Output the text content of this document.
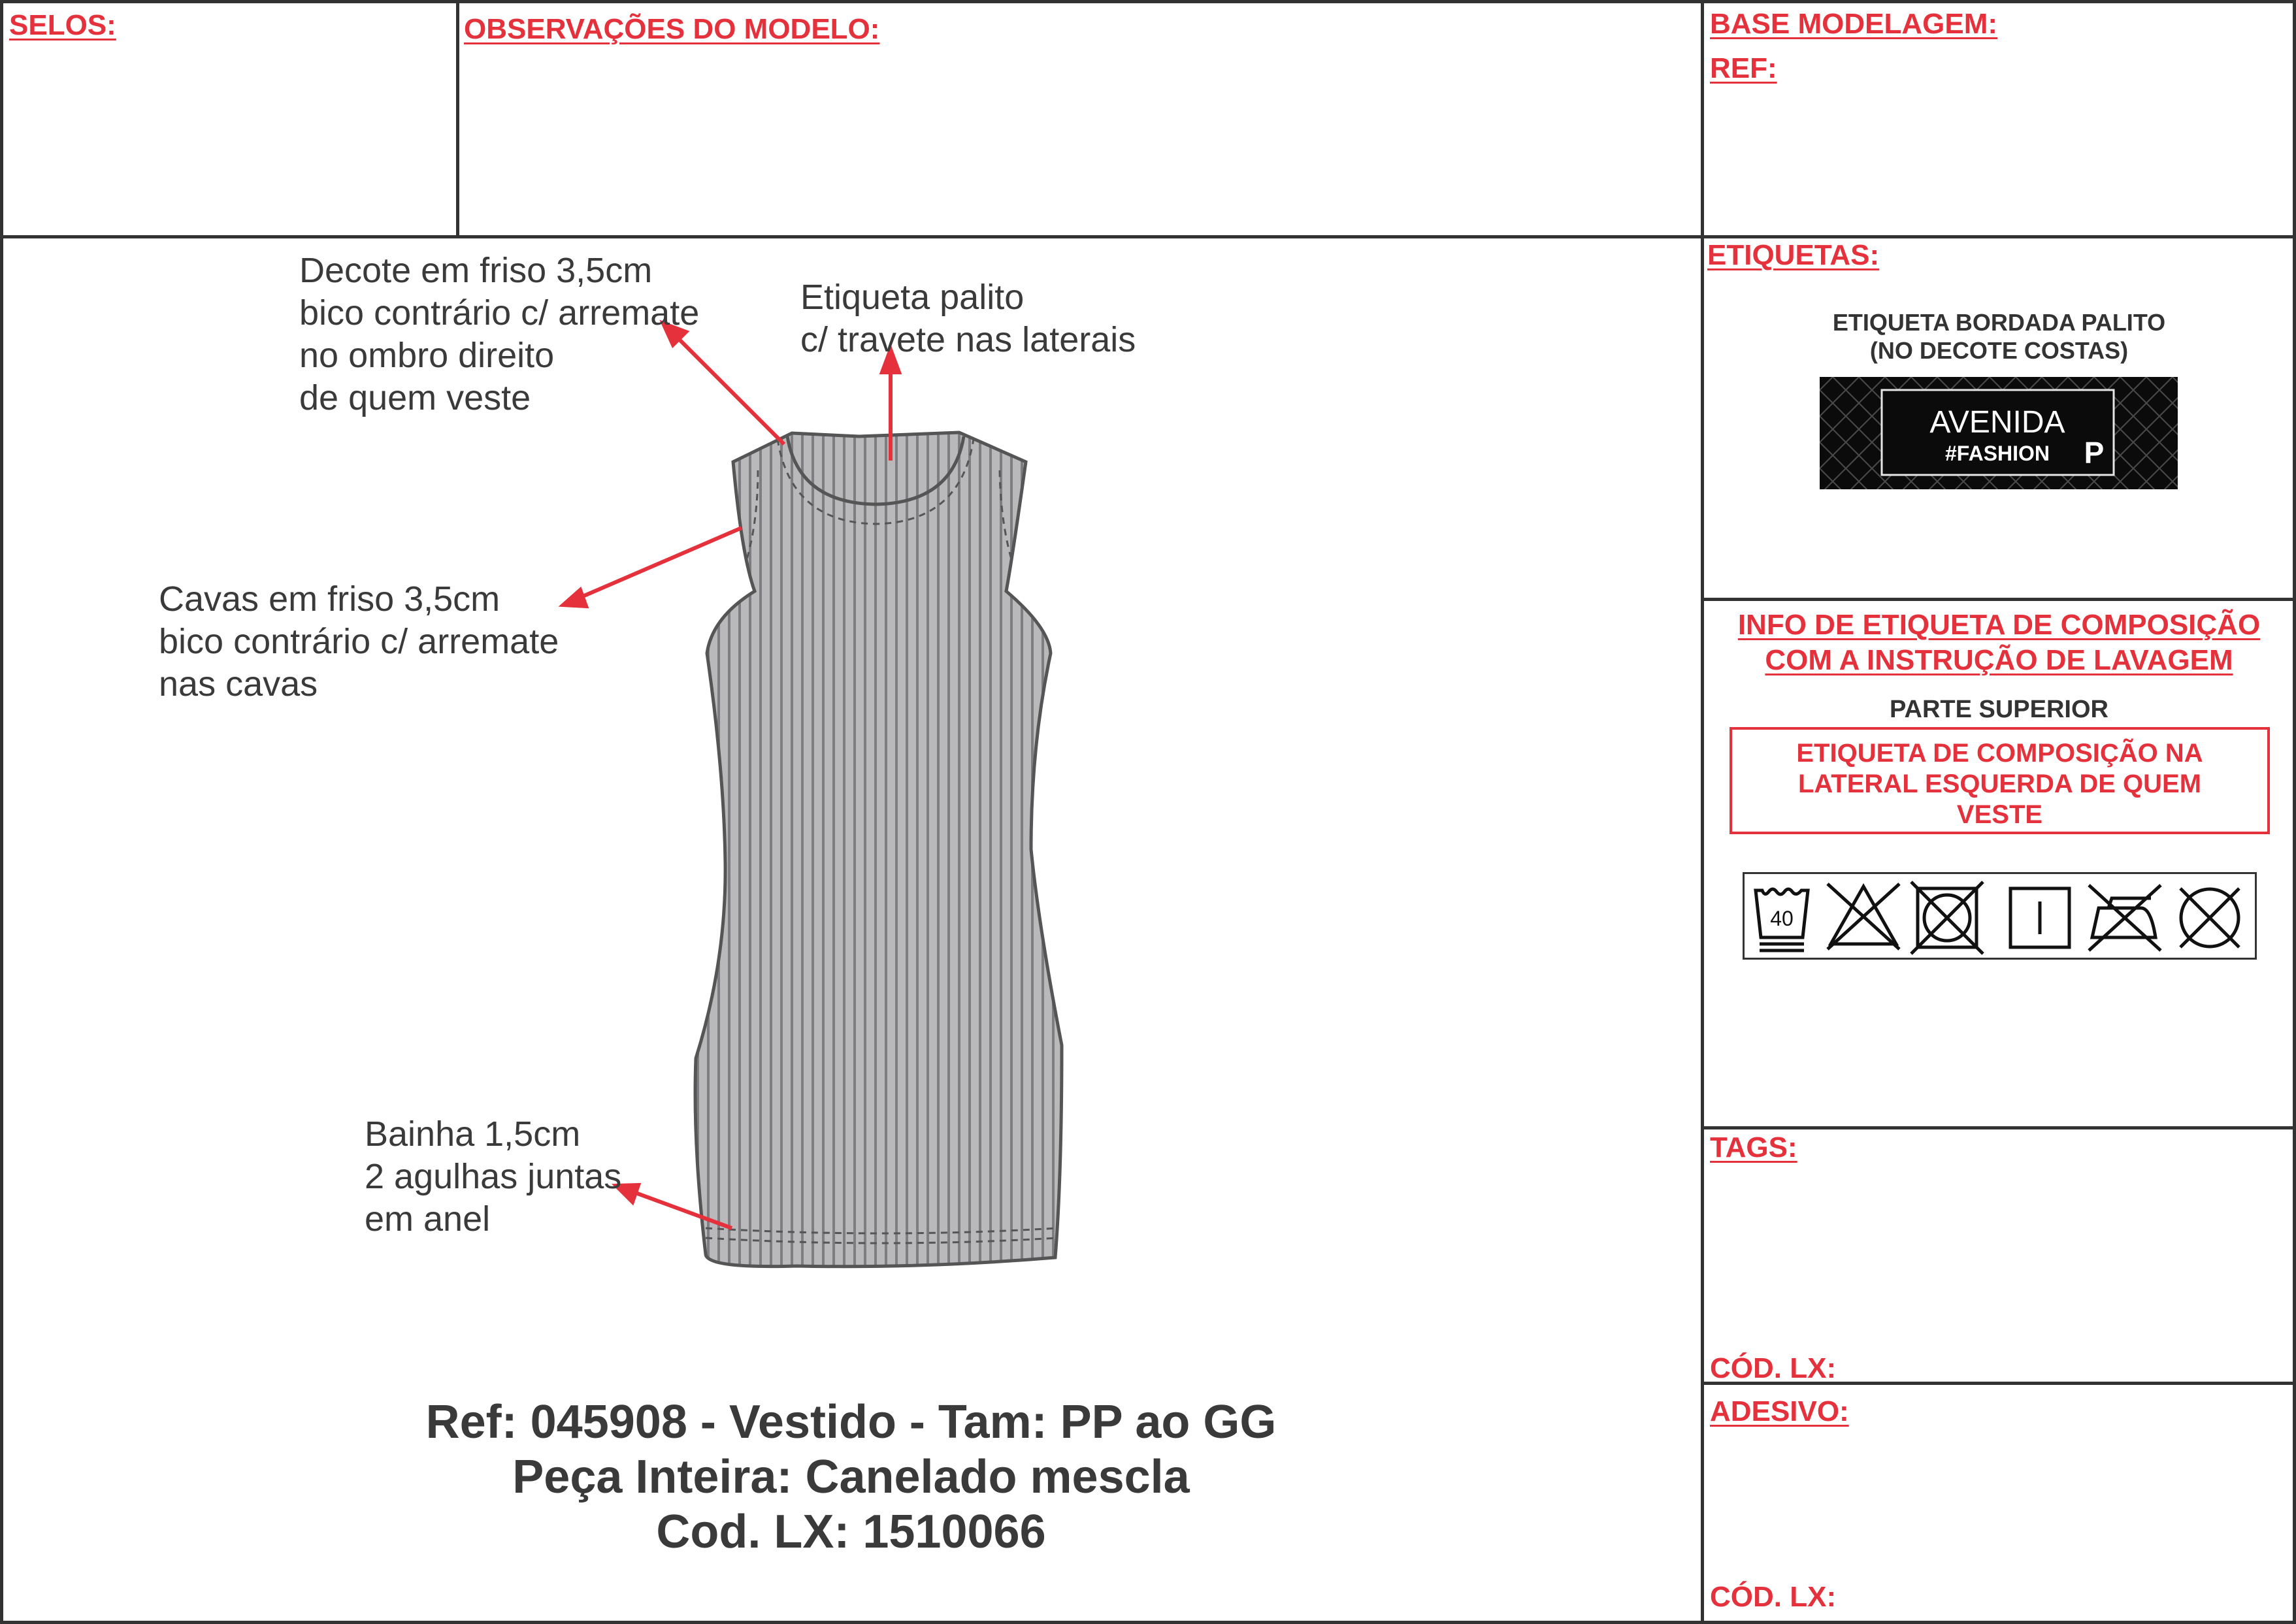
SELOS:	OBSERVAÇÕES DO MODELO:	BASE MODELAGEM:
REF:
ETIQUETAS:
ETIQUETA BORDADA PALITO
(NO DECOTE COSTAS)
AVENIDA
#FASHION P
INFO DE ETIQUETA DE COMPOSIÇÃO
COM A INSTRUÇÃO DE LAVAGEM
PARTE SUPERIOR
ETIQUETA DE COMPOSIÇÃO NA
LATERAL ESQUERDA DE QUEM
VESTE
40
TAGS:
CÓD. LX:
ADESIVO:
CÓD. LX:
Decote em friso 3,5cm
bico contrário c/ arremate
no ombro direito
de quem veste
Etiqueta palito
c/ travete nas laterais
Cavas em friso 3,5cm
bico contrário c/ arremate
nas cavas
Bainha 1,5cm
2 agulhas juntas
em anel
Ref: 045908 - Vestido - Tam: PP ao GG
Peça Inteira: Canelado mescla
Cod. LX: 1510066
